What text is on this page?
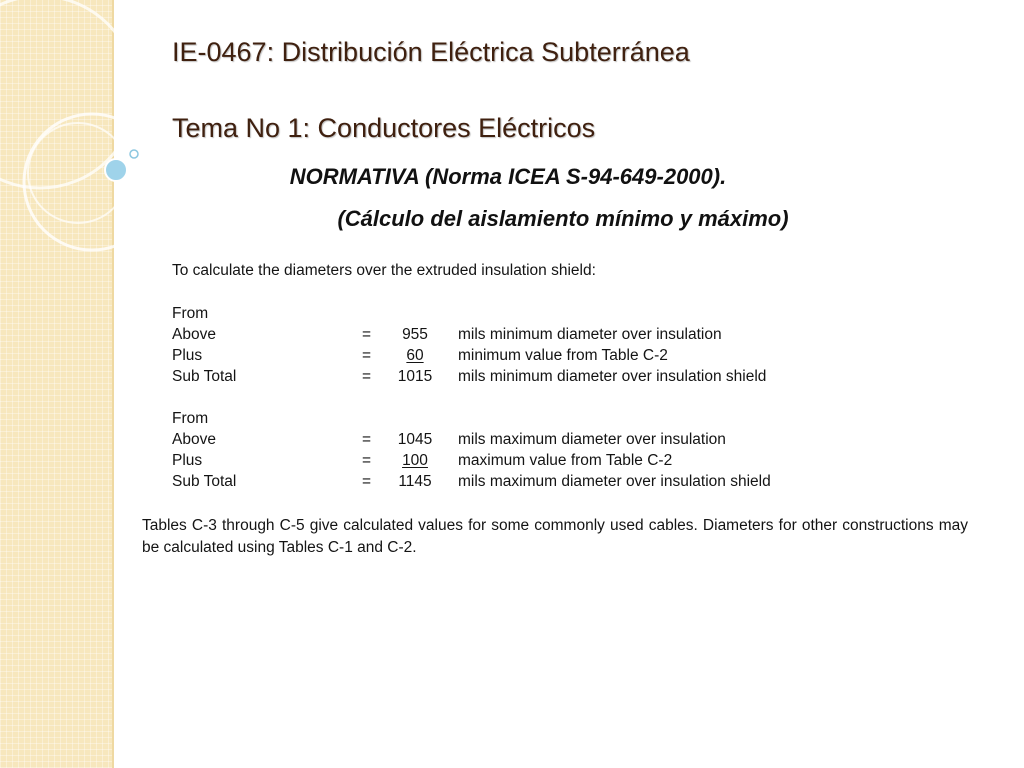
IE-0467: Distribución Eléctrica Subterránea
Tema No 1: Conductores Eléctricos

NORMATIVA (Norma ICEA S-94-649-2000).

(Cálculo del aislamiento mínimo y máximo)

To calculate the diameters over the extruded insulation shield:
From
Above	=	955	mils minimum diameter over insulation
Plus	=	60	minimum value from Table C-2
Sub Total	= 1015 mils minimum diameter over insulation shield
From
Above	= 1045 mils maximum diameter over insulation
Plus	=	100	maximum value from Table C-2
Sub Total	= 1145 mils maximum diameter over insulation shield
Tables C-3 through C-5 give calculated values for some commonly used cables. Diameters for other constructions may be calculated using Tables C-1 and C-2.
